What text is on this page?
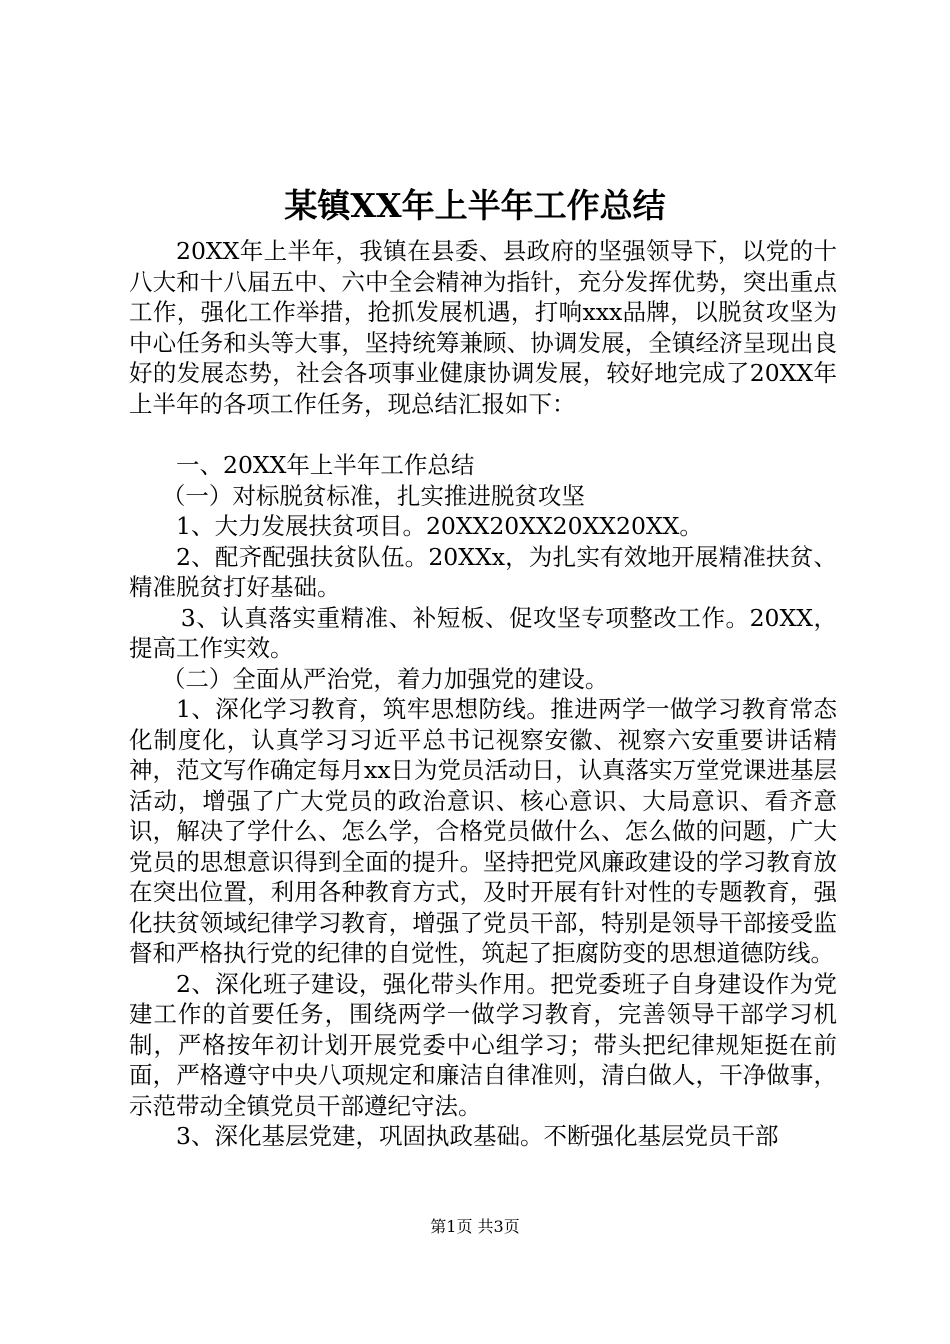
某镇XX年上半年工作总结

20XX年上半年，我镇在县委、县政府的坚强领导下，以党的十八大和十八届五中、六中全会精神为指针，充分发挥优势，突出重点工作，强化工作举措，抢抓发展机遇，打响xxx品牌，以脱贫攻坚为中心任务和头等大事，坚持统筹兼顾、协调发展，全镇经济呈现出良好的发展态势，社会各项事业健康协调发展，较好地完成了20XX年上半年的各项工作任务，现总结汇报如下：

一、20XX年上半年工作总结

（一）对标脱贫标准，扎实推进脱贫攻坚

1、大力发展扶贫项目。20XX20XX20XX20XX。

2、配齐配强扶贫队伍。20XXx，为扎实有效地开展精准扶贫、精准脱贫打好基础。

3、认真落实重精准、补短板、促攻坚专项整改工作。20XX，提高工作实效。

（二）全面从严治党，着力加强党的建设。

1、深化学习教育，筑牢思想防线。推进两学一做学习教育常态化制度化，认真学习习近平总书记视察安徽、视察六安重要讲话精神，范文写作确定每月xx日为党员活动日，认真落实万堂党课进基层活动，增强了广大党员的政治意识、核心意识、大局意识、看齐意识，解决了学什么、怎么学，合格党员做什么、怎么做的问题，广大党员的思想意识得到全面的提升。坚持把党风廉政建设的学习教育放在突出位置，利用各种教育方式，及时开展有针对性的专题教育，强化扶贫领域纪律学习教育，增强了党员干部，特别是领导干部接受监督和严格执行党的纪律的自觉性，筑起了拒腐防变的思想道德防线。

2、深化班子建设，强化带头作用。把党委班子自身建设作为党建工作的首要任务，围绕两学一做学习教育，完善领导干部学习机制，严格按年初计划开展党委中心组学习；带头把纪律规矩挺在前面，严格遵守中央八项规定和廉洁自律准则，清白做人，干净做事，示范带动全镇党员干部遵纪守法。

3、深化基层党建，巩固执政基础。不断强化基层党员干部

第1页 共3页
